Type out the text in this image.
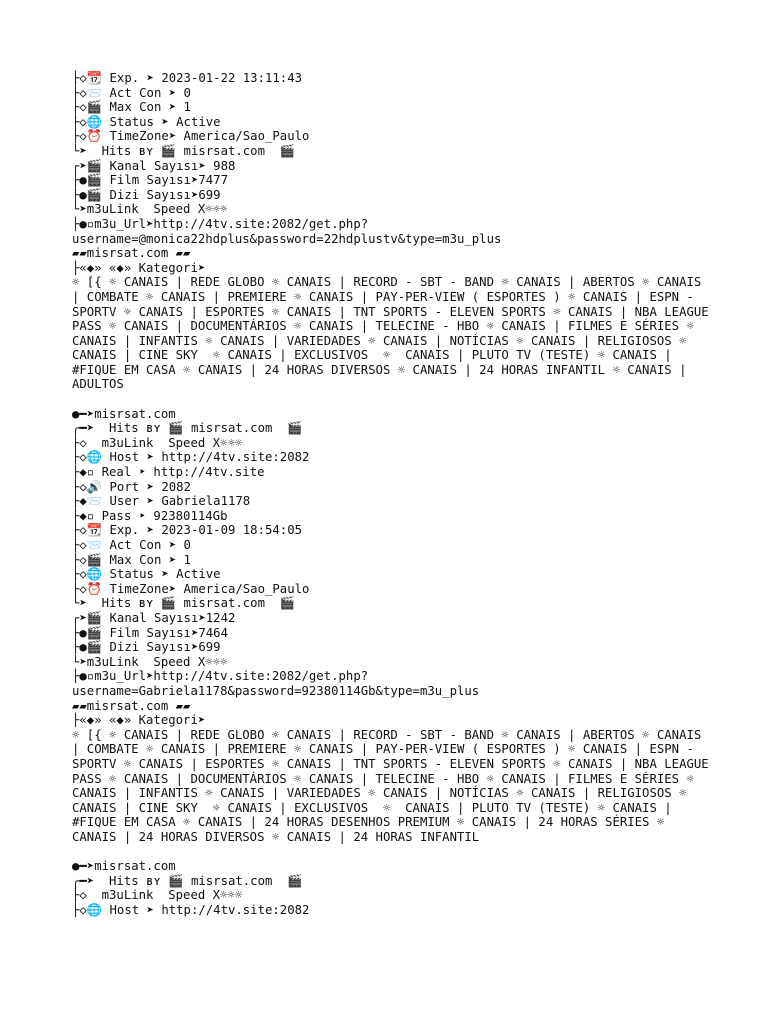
├◇📆 Exp. ➤ 2023-01-22 13:11:43
├◇📨 Act Con ➤ 0
├◇🎬 Max Con ➤ 1
├◇🌐 Status ➤ Active
├◇⏰ TimeZone➤ America/Sao_Paulo
└➤  Hits ʙʏ 🎬 misrsat.com  🎬
┌➤🎬 Kanal Sayısı➤ 988
├●🎬 Film Sayısı➤7477
├●🎬 Dizi Sayısı➤699
└➤m3uLink  Speed X☼☼☼
├●▫m3u_Url➤http://4tv.site:2082/get.php?
username=@monica22hdplus&password=22hdplustv&type=m3u_plus
▰▰misrsat.com ▰▰
├«◆» «◆» Kategori➤
☼ [{ ☼ CANAIS | REDE GLOBO ☼ CANAIS | RECORD - SBT - BAND ☼ CANAIS | ABERTOS ☼ CANAIS | COMBATE ☼ CANAIS | PREMIERE ☼ CANAIS | PAY-PER-VIEW ( ESPORTES ) ☼ CANAIS | ESPN - SPORTV ☼ CANAIS | ESPORTES ☼ CANAIS | TNT SPORTS - ELEVEN SPORTS ☼ CANAIS | NBA LEAGUE PASS ☼ CANAIS | DOCUMENTÁRIOS ☼ CANAIS | TELECINE - HBO ☼ CANAIS | FILMES E SÉRIES ☼ CANAIS | INFANTIS ☼ CANAIS | VARIEDADES ☼ CANAIS | NOTÍCIAS ☼ CANAIS | RELIGIOSOS ☼ CANAIS | CINE SKY  ☼ CANAIS | EXCLUSIVOS  ☼  CANAIS | PLUTO TV (TESTE) ☼ CANAIS | #FIQUE EM CASA ☼ CANAIS | 24 HORAS DIVERSOS ☼ CANAIS | 24 HORAS INFANTIL ☼ CANAIS | ADULTOS
●━➤misrsat.com
╭━➤  Hits ʙʏ 🎬 misrsat.com  🎬
├◇  m3uLink  Speed X☼☼☼
├◇🌐 Host ➤ http://4tv.site:2082
├◆▫ Real ‣ http://4tv.site
├◇🔊 Port ➤ 2082
├◆📨 User ➤ Gabriela1178
├◆▫ Pass ‣ 92380114Gb
├◇📆 Exp. ➤ 2023-01-09 18:54:05
├◇📨 Act Con ➤ 0
├◇🎬 Max Con ➤ 1
├◇🌐 Status ➤ Active
├◇⏰ TimeZone➤ America/Sao_Paulo
└➤  Hits ʙʏ 🎬 misrsat.com  🎬
┌➤🎬 Kanal Sayısı➤1242
├●🎬 Film Sayısı➤7464
├●🎬 Dizi Sayısı➤699
└➤m3uLink  Speed X☼☼☼
├●▫m3u_Url➤http://4tv.site:2082/get.php?
username=Gabriela1178&password=92380114Gb&type=m3u_plus
▰▰misrsat.com ▰▰
├«◆» «◆» Kategori➤
☼ [{ ☼ CANAIS | REDE GLOBO ☼ CANAIS | RECORD - SBT - BAND ☼ CANAIS | ABERTOS ☼ CANAIS | COMBATE ☼ CANAIS | PREMIERE ☼ CANAIS | PAY-PER-VIEW ( ESPORTES ) ☼ CANAIS | ESPN - SPORTV ☼ CANAIS | ESPORTES ☼ CANAIS | TNT SPORTS - ELEVEN SPORTS ☼ CANAIS | NBA LEAGUE PASS ☼ CANAIS | DOCUMENTÁRIOS ☼ CANAIS | TELECINE - HBO ☼ CANAIS | FILMES E SÉRIES ☼ CANAIS | INFANTIS ☼ CANAIS | VARIEDADES ☼ CANAIS | NOTÍCIAS ☼ CANAIS | RELIGIOSOS ☼ CANAIS | CINE SKY  ☼ CANAIS | EXCLUSIVOS  ☼  CANAIS | PLUTO TV (TESTE) ☼ CANAIS | #FIQUE EM CASA ☼ CANAIS | 24 HORAS DESENHOS PREMIUM ☼ CANAIS | 24 HORAS SÉRIES ☼ CANAIS | 24 HORAS DIVERSOS ☼ CANAIS | 24 HORAS INFANTIL
●━➤misrsat.com
╭━➤  Hits ʙʏ 🎬 misrsat.com  🎬
├◇  m3uLink  Speed X☼☼☼
├◇🌐 Host ➤ http://4tv.site:2082
